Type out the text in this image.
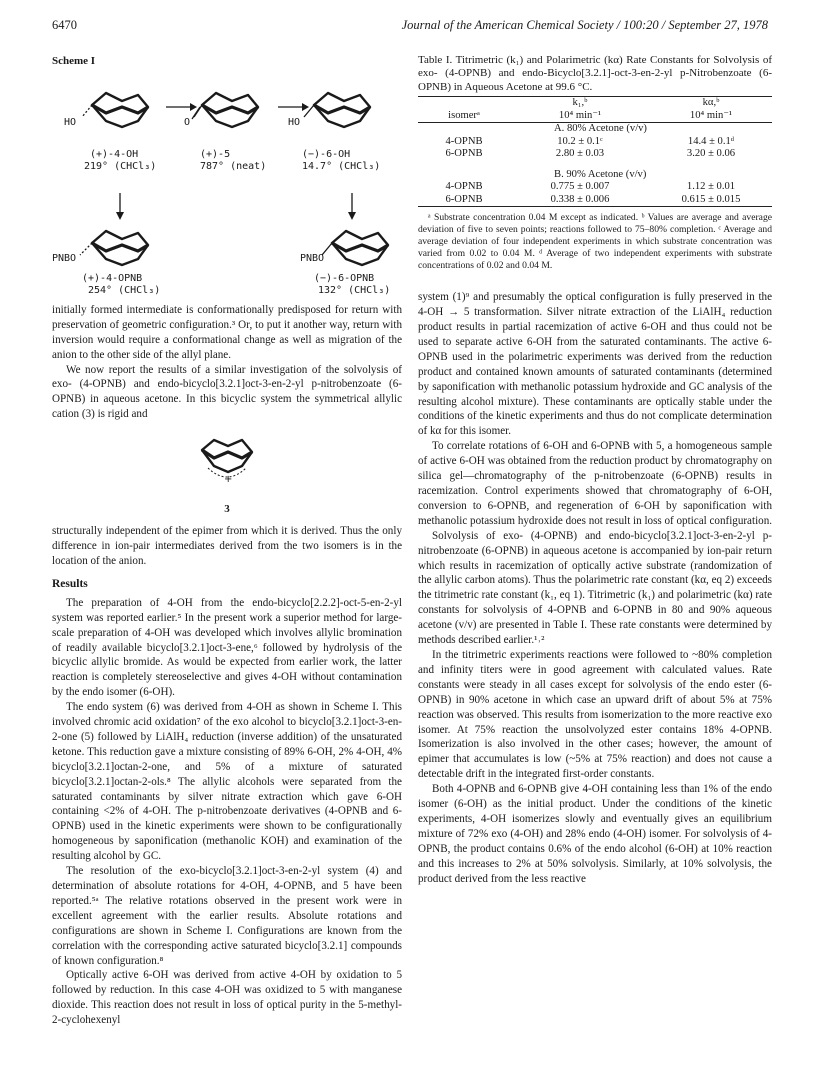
6470	Journal of the American Chemical Society / 100:20 / September 27, 1978
Scheme I
HO	O	HO
(+)-4-OH
219° (CHCl₃)
(+)-5
787° (neat)
(−)-6-OH
14.7° (CHCl₃)
PNBO	PNBO
(+)-4-OPNB
254° (CHCl₃)
(−)-6-OPNB
132° (CHCl₃)

initially formed intermediate is conformationally predisposed for return with preservation of geometric configuration.³ Or, to put it another way, return with inversion would require a conformational change as well as migration of the anion to the other side of the allyl plane.

We now report the results of a similar investigation of the solvolysis of exo- (4-OPNB) and endo-bicyclo[3.2.1]oct-3-en-2-yl p-nitrobenzoate (6-OPNB) in aqueous acetone. In this bicyclic system the symmetrical allylic cation (3) is rigid and

+
3

structurally independent of the epimer from which it is derived. Thus the only difference in ion-pair intermediates derived from the two isomers is in the location of the anion.

Results

The preparation of 4-OH from the endo-bicyclo[2.2.2]-oct-5-en-2-yl system was reported earlier.⁵ In the present work a superior method for large-scale preparation of 4-OH was developed which involves allylic bromination of readily available bicyclo[3.2.1]oct-3-ene,⁶ followed by hydrolysis of the bicyclic allylic bromide. As would be expected from earlier work, the latter reaction is completely stereoselective and gives 4-OH without contamination by the endo isomer (6-OH).

The endo system (6) was derived from 4-OH as shown in Scheme I. This involved chromic acid oxidation⁷ of the exo alcohol to bicyclo[3.2.1]oct-3-en-2-one (5) followed by LiAlH₄ reduction (inverse addition) of the unsaturated ketone. This reduction gave a mixture consisting of 89% 6-OH, 2% 4-OH, 4% bicyclo[3.2.1]octan-2-one, and 5% of a mixture of saturated bicyclo[3.2.1]octan-2-ols.⁸ The allylic alcohols were separated from the saturated contaminants by silver nitrate extraction which gave 6-OH containing <2% of 4-OH. The p-nitrobenzoate derivatives (4-OPNB and 6-OPNB) used in the kinetic experiments were shown to be configurationally homogeneous by saponification (methanolic KOH) and examination of the resulting alcohol by GC.

The resolution of the exo-bicyclo[3.2.1]oct-3-en-2-yl system (4) and determination of absolute rotations for 4-OH, 4-OPNB, and 5 have been reported.⁵ᵃ The relative rotations observed in the present work were in excellent agreement with the earlier results. Absolute rotations and configurations are shown in Scheme I. Configurations are known from the correlation with the corresponding active saturated bicyclo[3.2.1] compounds of known configuration.⁸

Optically active 6-OH was derived from active 4-OH by oxidation to 5 followed by reduction. In this case 4-OH was oxidized to 5 with manganese dioxide. This reaction does not result in loss of optical purity in the 5-methyl-2-cyclohexenyl

Table I. Titrimetric (k₁) and Polarimetric (kα) Rate Constants for Solvolysis of exo- (4-OPNB) and endo-Bicyclo[3.2.1]-oct-3-en-2-yl p-Nitrobenzoate (6-OPNB) in Aqueous Acetone at 99.6 °C.
	k₁,ᵇ	kα,ᵇ
isomerᵃ	10⁴ min⁻¹	10⁴ min⁻¹
	A. 80% Acetone (v/v)	
4-OPNB	10.2 ± 0.1ᶜ	14.4 ± 0.1ᵈ
6-OPNB	2.80 ± 0.03	3.20 ± 0.06
	B. 90% Acetone (v/v)	
4-OPNB	0.775 ± 0.007	1.12 ± 0.01
6-OPNB	0.338 ± 0.006	0.615 ± 0.015
ᵃ Substrate concentration 0.04 M except as indicated. ᵇ Values are average and average deviation of five to seven points; reactions followed to 75–80% completion. ᶜ Average and average deviation of four independent experiments in which substrate concentration was varied from 0.02 to 0.04 M. ᵈ Average of two independent experiments with substrate concentrations of 0.02 and 0.04 M.

system (1)⁹ and presumably the optical configuration is fully preserved in the 4-OH → 5 transformation. Silver nitrate extraction of the LiAlH₄ reduction product results in partial racemization of active 6-OH and thus could not be used to separate active 6-OH from the saturated contaminants. The active 6-OPNB used in the polarimetric experiments was derived from the reduction product and contained known amounts of saturated contaminants (determined by saponification with methanolic potassium hydroxide and GC analysis of the resulting alcohol mixture). These contaminants are optically stable under the conditions of the kinetic experiments and thus do not complicate determination of kα for this isomer.

To correlate rotations of 6-OH and 6-OPNB with 5, a homogeneous sample of active 6-OH was obtained from the reduction product by chromatography on silica gel—chromatography of the p-nitrobenzoate (6-OPNB) results in racemization. Control experiments showed that chromatography of 6-OH, conversion to 6-OPNB, and regeneration of 6-OH by saponification with methanolic potassium hydroxide does not result in loss of optical configuration.

Solvolysis of exo- (4-OPNB) and endo-bicyclo[3.2.1]oct-3-en-2-yl p-nitrobenzoate (6-OPNB) in aqueous acetone is accompanied by ion-pair return which results in racemization of optically active substrate (randomization of the allylic carbon atoms). Thus the polarimetric rate constant (kα, eq 2) exceeds the titrimetric rate constant (k₁, eq 1). Titrimetric (k₁) and polarimetric (kα) rate constants for solvolysis of 4-OPNB and 6-OPNB in 80 and 90% aqueous acetone (v/v) are presented in Table I. These rate constants were determined by methods described earlier.¹˒²

In the titrimetric experiments reactions were followed to ~80% completion and infinity titers were in good agreement with calculated values. Rate constants were steady in all cases except for solvolysis of the endo ester (6-OPNB) in 90% acetone in which case an upward drift of about 5% at 75% reaction was observed. This results from isomerization to the more reactive exo isomer. At 75% reaction the unsolvolyzed ester contains 18% 4-OPNB. Isomerization is also involved in the other cases; however, the amount of epimer that accumulates is low (~5% at 75% reaction) and does not cause a detectable drift in the integrated first-order constants.

Both 4-OPNB and 6-OPNB give 4-OH containing less than 1% of the endo isomer (6-OH) as the initial product. Under the conditions of the kinetic experiments, 4-OH isomerizes slowly and eventually gives an equilibrium mixture of 72% exo (4-OH) and 28% endo (4-OH) isomer. For solvolysis of 4-OPNB, the product contains 0.6% of the endo alcohol (6-OH) at 10% reaction and this increases to 2% at 50% solvolysis. Similarly, at 10% solvolysis, the product derived from the less reactive
